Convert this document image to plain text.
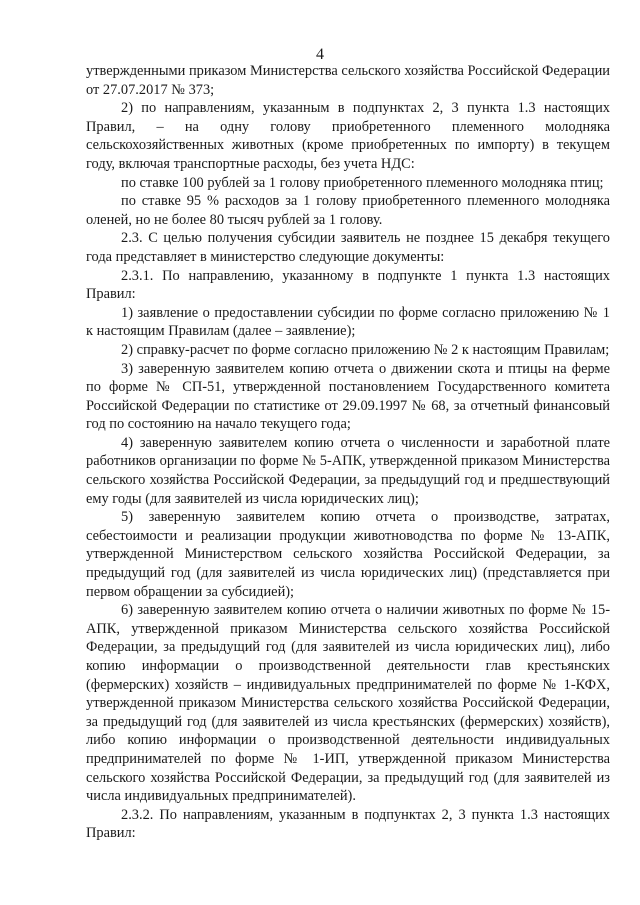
4

утвержденными приказом Министерства сельского хозяйства Российской Федерации от 27.07.2017 № 373;

2) по направлениям, указанным в подпунктах 2, 3 пункта 1.3 настоящих Правил, – на одну голову приобретенного племенного молодняка сельскохозяйственных животных (кроме приобретенных по импорту) в текущем году, включая транспортные расходы, без учета НДС:

по ставке 100 рублей за 1 голову приобретенного племенного молодняка птиц;

по ставке 95 % расходов за 1 голову приобретенного племенного молодняка оленей, но не более 80 тысяч рублей за 1 голову.

2.3. С целью получения субсидии заявитель не позднее 15 декабря текущего года представляет в министерство следующие документы:

2.3.1. По направлению, указанному в подпункте 1 пункта 1.3 настоящих Правил:

1) заявление о предоставлении субсидии по форме согласно приложению № 1 к настоящим Правилам (далее – заявление);

2) справку-расчет по форме согласно приложению № 2 к настоящим Правилам;

3) заверенную заявителем копию отчета о движении скота и птицы на ферме по форме № СП-51, утвержденной постановлением Государственного комитета Российской Федерации по статистике от 29.09.1997 № 68, за отчетный финансовый год по состоянию на начало текущего года;

4) заверенную заявителем копию отчета о численности и заработной плате работников организации по форме № 5-АПК, утвержденной приказом Министерства сельского хозяйства Российской Федерации, за предыдущий год и предшествующий ему годы (для заявителей из числа юридических лиц);

5) заверенную заявителем копию отчета о производстве, затратах, себестоимости и реализации продукции животноводства по форме № 13-АПК, утвержденной Министерством сельского хозяйства Российской Федерации, за предыдущий год (для заявителей из числа юридических лиц) (представляется при первом обращении за субсидией);

6) заверенную заявителем копию отчета о наличии животных по форме № 15-АПК, утвержденной приказом Министерства сельского хозяйства Российской Федерации, за предыдущий год (для заявителей из числа юридических лиц), либо копию информации о производственной деятельности глав крестьянских (фермерских) хозяйств – индивидуальных предпринимателей по форме № 1-КФХ, утвержденной приказом Министерства сельского хозяйства Российской Федерации, за предыдущий год (для заявителей из числа крестьянских (фермерских) хозяйств), либо копию информации о производственной деятельности индивидуальных предпринимателей по форме № 1-ИП, утвержденной приказом Министерства сельского хозяйства Российской Федерации, за предыдущий год (для заявителей из числа индивидуальных предпринимателей).

2.3.2. По направлениям, указанным в подпунктах 2, 3 пункта 1.3 настоящих Правил:
